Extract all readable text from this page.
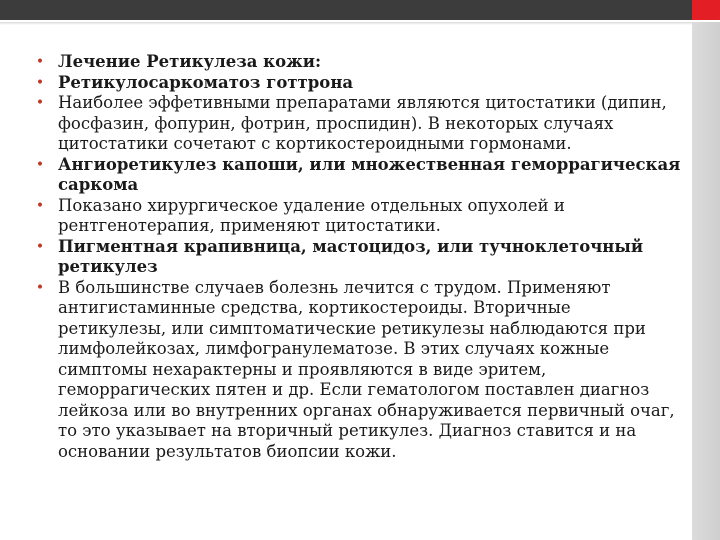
• Лечение Ретикулеза кожи:
• Ретикулосаркоматоз готтрона
• Наиболее эффетивными препаратами являются цитостатики (дипин, фосфазин, фопурин, фотрин, проспидин). В некоторых случаях цитостатики сочетают с кортикостероидными гормонами.
• Ангиоретикулез капоши, или множественная геморрагическая саркома
• Показано хирургическое удаление отдельных опухолей и рентгенотерапия, применяют цитостатики.
• Пигментная крапивница, мастоцидоз, или тучноклеточный ретикулез
• В большинстве случаев болезнь лечится с трудом. Применяют антигистаминные средства, кортикостероиды. Вторичные ретикулезы, или симптоматические ретикулезы наблюдаются при лимфолейкозах, лимфогранулематозе. В этих случаях кожные симптомы нехарактерны и проявляются в виде эритем, геморрагических пятен и др. Если гематологом поставлен диагноз лейкоза или во внутренних органах обнаруживается первичный очаг, то это указывает на вторичный ретикулез. Диагноз ставится и на основании результатов биопсии кожи.
